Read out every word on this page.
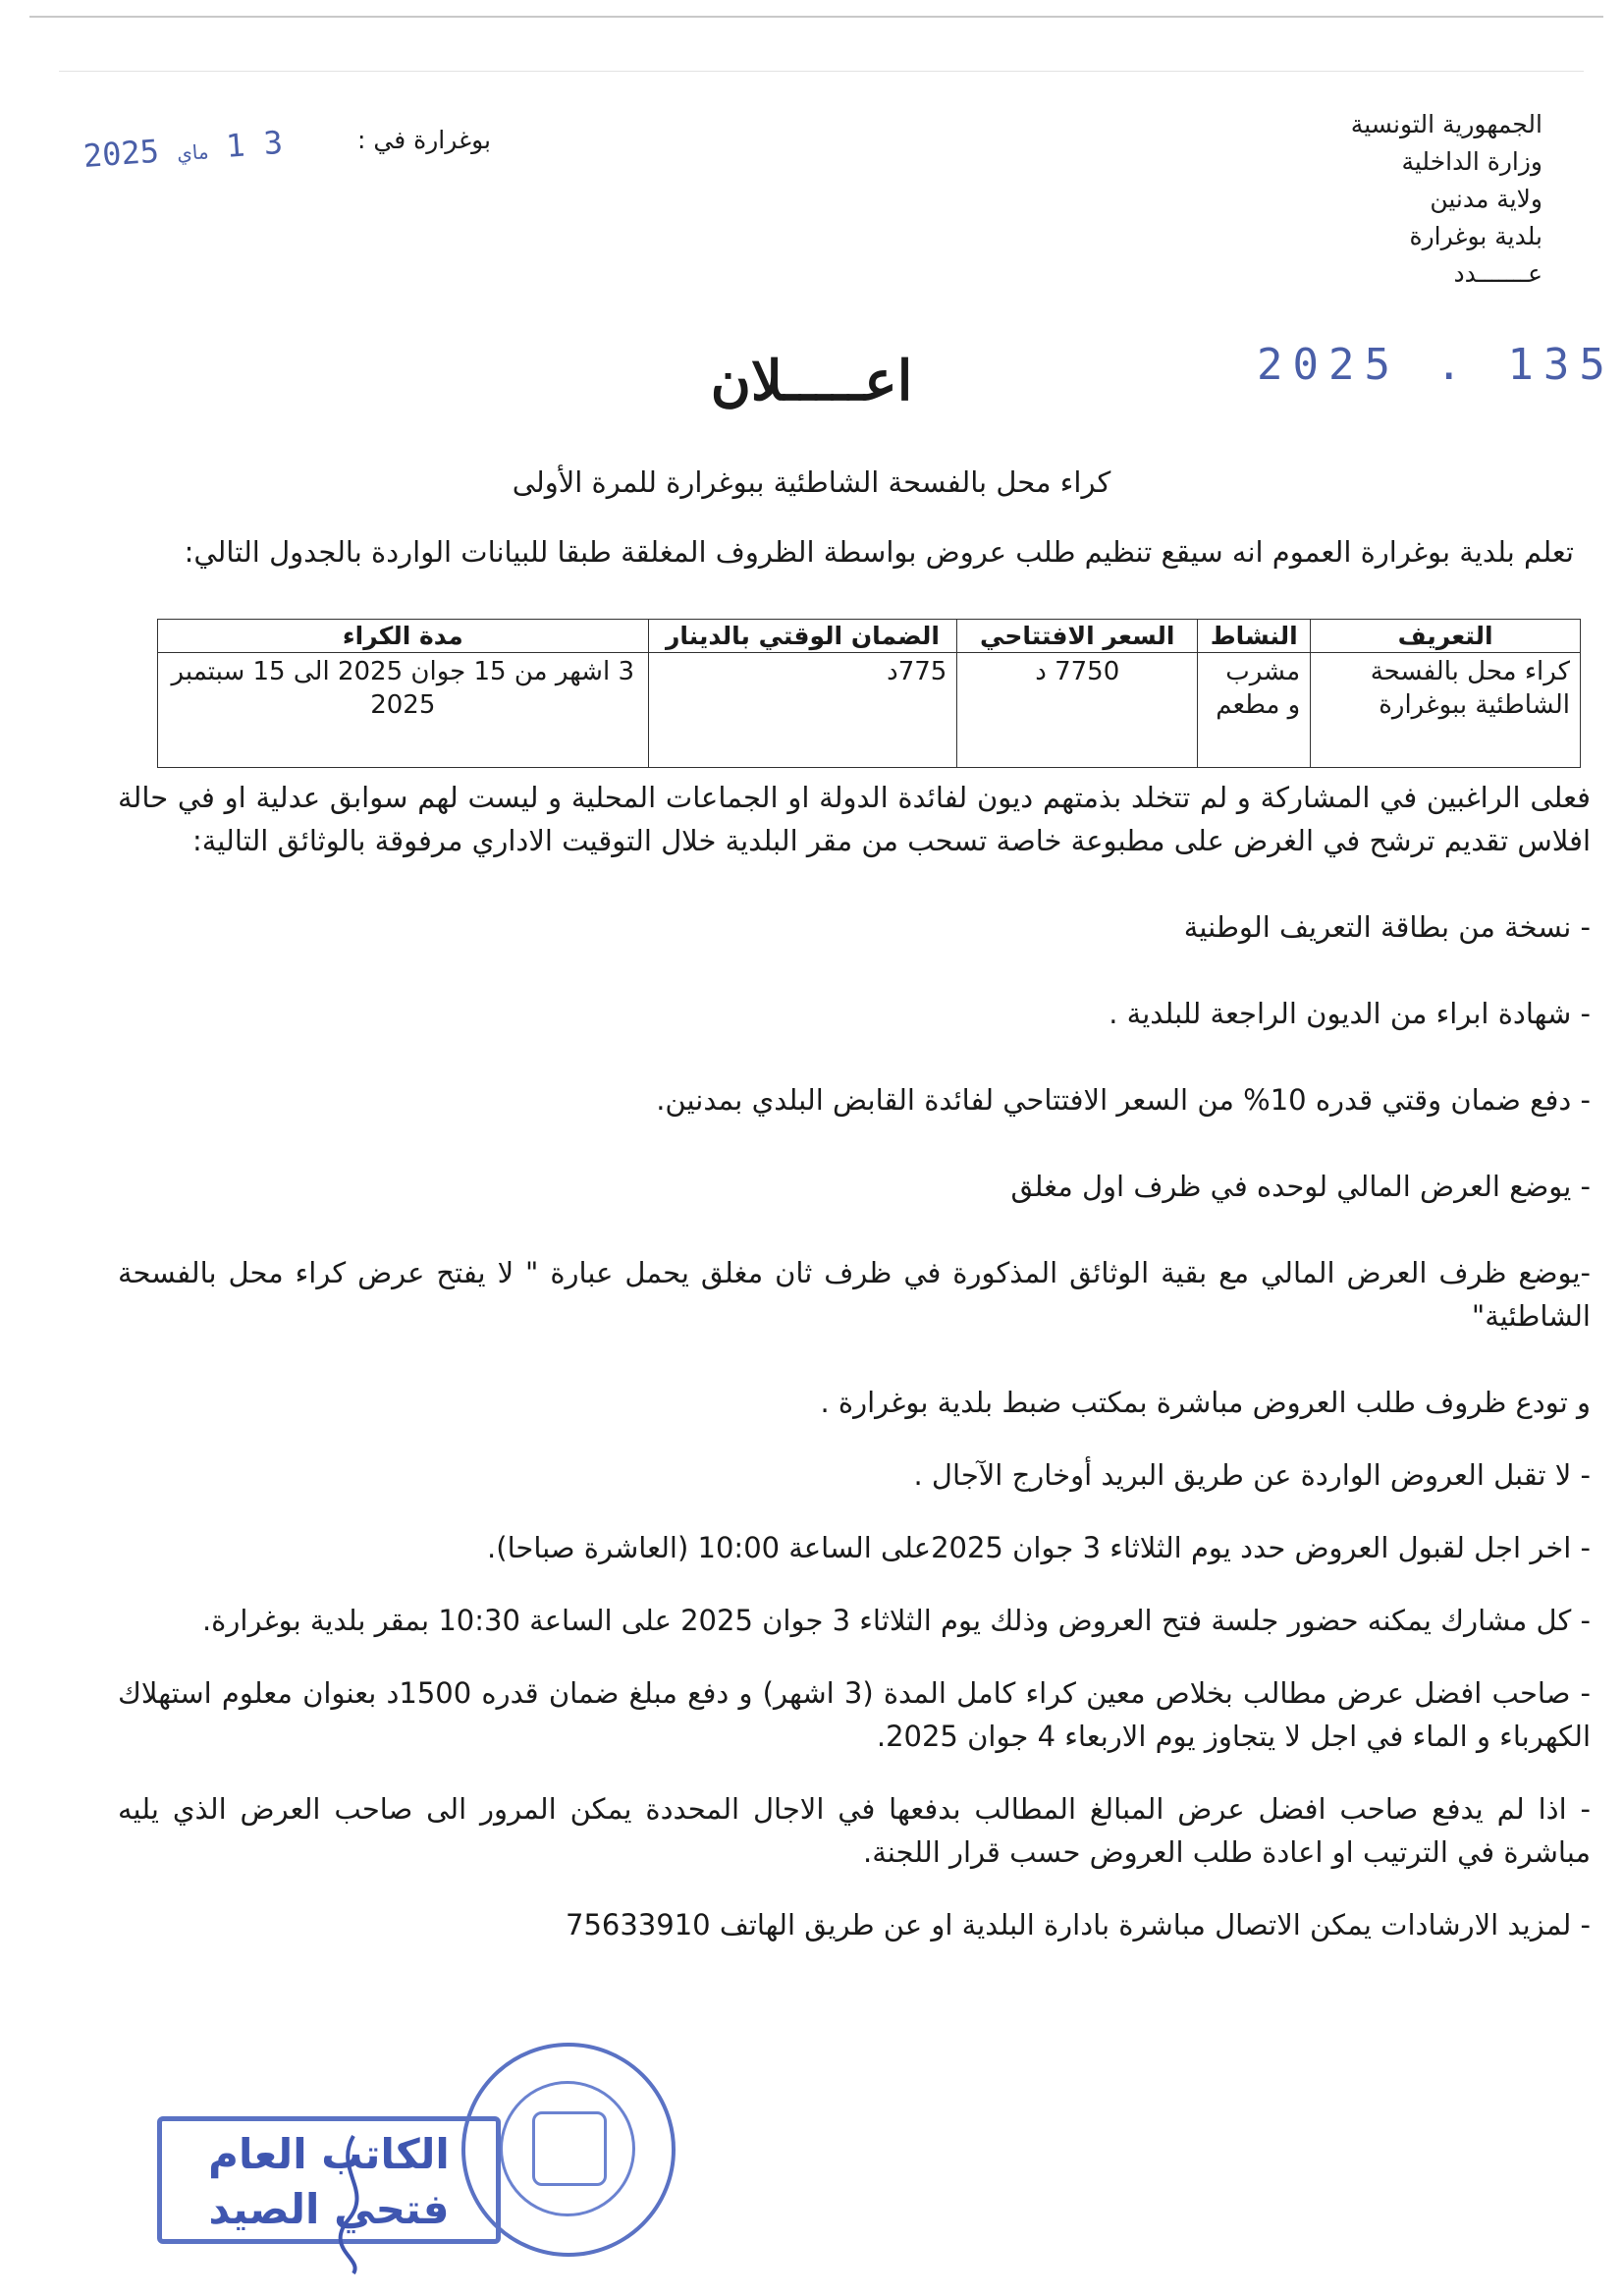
الجمهورية التونسية
وزارة الداخلية
ولاية مدنين
بلدية بوغرارة
عـــــــدد
بوغرارة في :
2025 ماي 1 3
2025 . 135
اعـــــلان
كراء محل بالفسحة الشاطئية ببوغرارة للمرة الأولى
تعلم بلدية بوغرارة العموم انه سيقع تنظيم طلب عروض بواسطة الظروف المغلقة طبقا للبيانات الواردة بالجدول التالي:
التعريف	النشاط	السعر الافتتاحي	الضمان الوقتي بالدينار	مدة الكراء
كراء محل بالفسحة الشاطئية ببوغرارة	مشرب و مطعم	7750 د	775د	3 اشهر من 15 جوان 2025 الى 15 سبتمبر 2025

فعلى الراغبين في المشاركة و لم تتخلد بذمتهم ديون لفائدة الدولة او الجماعات المحلية و ليست لهم سوابق عدلية او في حالة افلاس تقديم ترشح في الغرض على مطبوعة خاصة تسحب من مقر البلدية خلال التوقيت الاداري مرفوقة بالوثائق التالية:

- نسخة من بطاقة التعريف الوطنية

- شهادة ابراء من الديون الراجعة للبلدية .

- دفع ضمان وقتي قدره 10% من السعر الافتتاحي لفائدة القابض البلدي بمدنين.

- يوضع العرض المالي لوحده في ظرف اول مغلق

-يوضع ظرف العرض المالي مع بقية الوثائق المذكورة في ظرف ثان مغلق يحمل عبارة " لا يفتح عرض كراء محل بالفسحة الشاطئية"

و تودع ظروف طلب العروض مباشرة بمكتب ضبط بلدية بوغرارة .

- لا تقبل العروض الواردة عن طريق البريد أوخارج الآجال .

- اخر اجل لقبول العروض حدد يوم الثلاثاء 3 جوان 2025على الساعة 10:00 (العاشرة صباحا).

- كل مشارك يمكنه حضور جلسة فتح العروض وذلك يوم الثلاثاء 3 جوان 2025 على الساعة 10:30 بمقر بلدية بوغرارة.

- صاحب افضل عرض مطالب بخلاص معين كراء كامل المدة (3 اشهر) و دفع مبلغ ضمان قدره 1500د بعنوان معلوم استهلاك الكهرباء و الماء في اجل لا يتجاوز يوم الاربعاء 4 جوان 2025.

- اذا لم يدفع صاحب افضل عرض المبالغ المطالب بدفعها في الاجال المحددة يمكن المرور الى صاحب العرض الذي يليه مباشرة في الترتيب او اعادة طلب العروض حسب قرار اللجنة.

- لمزيد الارشادات يمكن الاتصال مباشرة بادارة البلدية او عن طريق الهاتف 75633910

الكاتب العام
فتحي الصيد
